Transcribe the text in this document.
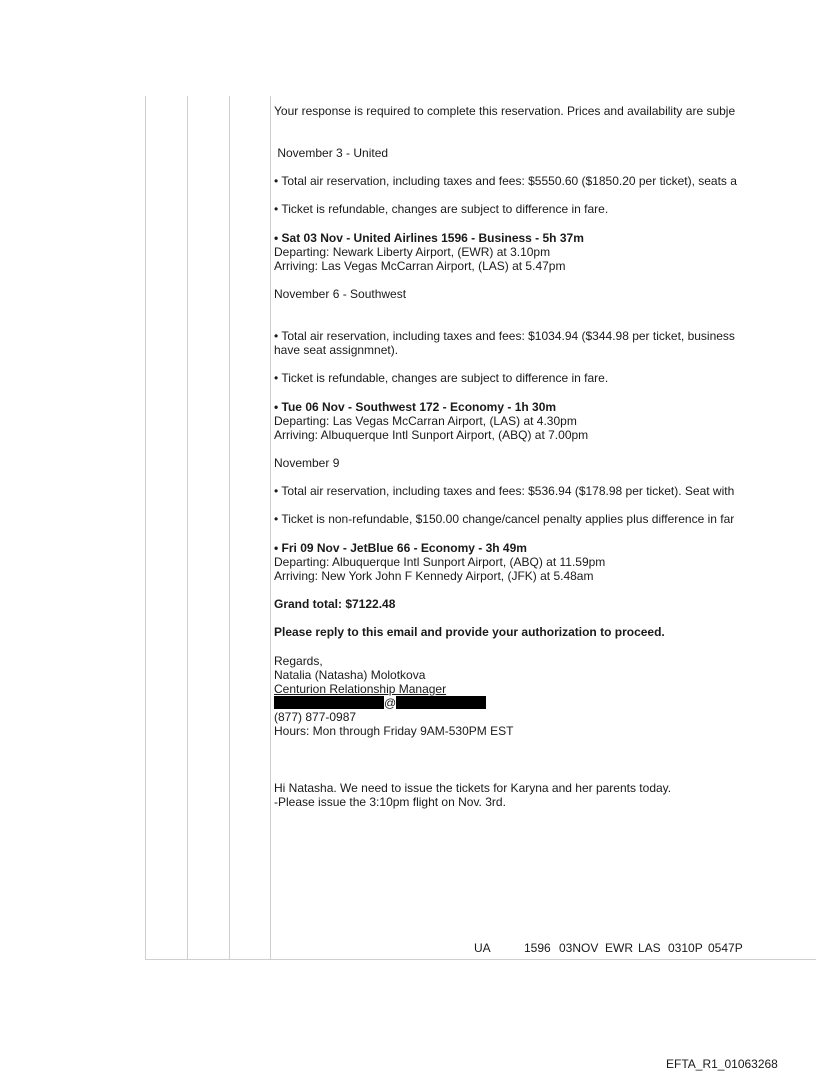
Your response is required to complete this reservation. Prices and availability are subje
November 3 - United
• Total air reservation, including taxes and fees: $5550.60 ($1850.20 per ticket), seats a
• Ticket is refundable, changes are subject to difference in fare.
• Sat 03 Nov - United Airlines 1596 - Business - 5h 37m
Departing: Newark Liberty Airport, (EWR) at 3.10pm
Arriving: Las Vegas McCarran Airport, (LAS) at 5.47pm
November 6 - Southwest
• Total air reservation, including taxes and fees: $1034.94 ($344.98 per ticket, business
have seat assignmnet).
• Ticket is refundable, changes are subject to difference in fare.
• Tue 06 Nov - Southwest 172 - Economy - 1h 30m
Departing: Las Vegas McCarran Airport, (LAS) at 4.30pm
Arriving: Albuquerque Intl Sunport Airport, (ABQ) at 7.00pm
November 9
• Total air reservation, including taxes and fees: $536.94 ($178.98 per ticket). Seat with
• Ticket is non-refundable, $150.00 change/cancel penalty applies plus difference in far
• Fri 09 Nov - JetBlue 66 - Economy - 3h 49m
Departing: Albuquerque Intl Sunport Airport, (ABQ) at 11.59pm
Arriving: New York John F Kennedy Airport, (JFK) at 5.48am
Grand total: $7122.48
Please reply to this email and provide your authorization to proceed.
Regards,
Natalia (Natasha) Molotkova
Centurion Relationship Manager
@
(877) 877-0987
Hours: Mon through Friday 9AM-530PM EST
Hi Natasha. We need to issue the tickets for Karyna and her parents today.
-Please issue the 3:10pm flight on Nov. 3rd.
UA	1596 03NOV EWR LAS 0310P 0547P
EFTA_R1_01063268
